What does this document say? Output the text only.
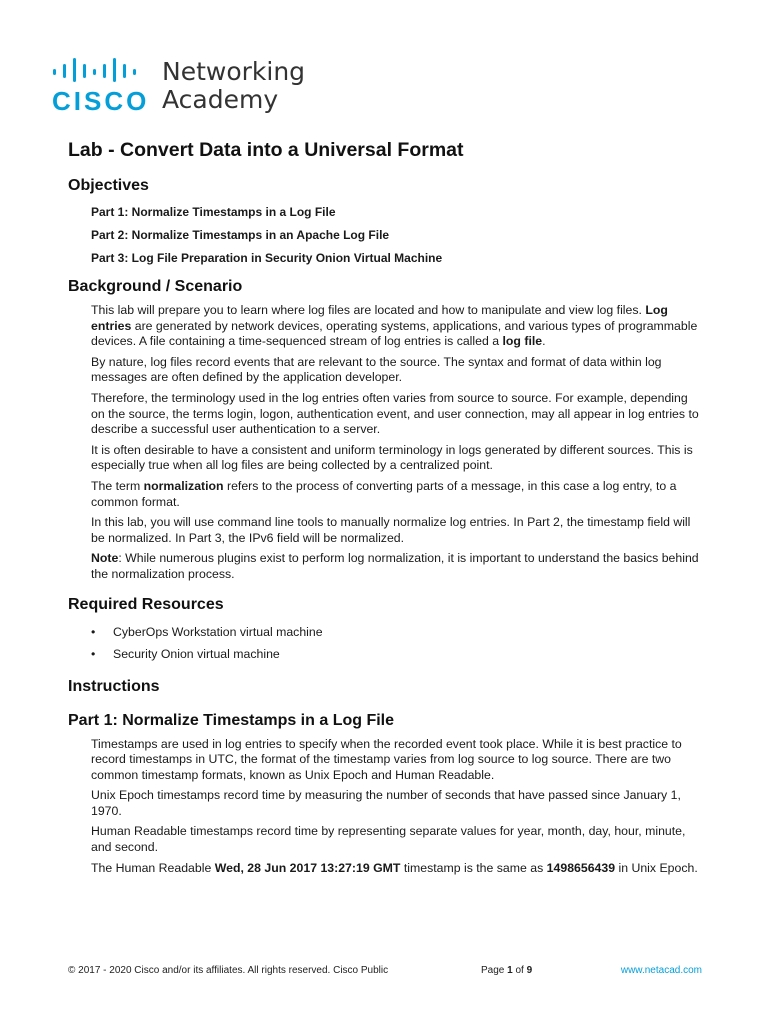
CISCO
Networking
Academy
Lab - Convert Data into a Universal Format
Objectives
Part 1: Normalize Timestamps in a Log File
Part 2: Normalize Timestamps in an Apache Log File
Part 3: Log File Preparation in Security Onion Virtual Machine
Background / Scenario

This lab will prepare you to learn where log files are located and how to manipulate and view log files. Log entries are generated by network devices, operating systems, applications, and various types of programmable devices. A file containing a time-sequenced stream of log entries is called a log file.

By nature, log files record events that are relevant to the source. The syntax and format of data within log messages are often defined by the application developer.

Therefore, the terminology used in the log entries often varies from source to source. For example, depending on the source, the terms login, logon, authentication event, and user connection, may all appear in log entries to describe a successful user authentication to a server.

It is often desirable to have a consistent and uniform terminology in logs generated by different sources. This is especially true when all log files are being collected by a centralized point.

The term normalization refers to the process of converting parts of a message, in this case a log entry, to a common format.

In this lab, you will use command line tools to manually normalize log entries. In Part 2, the timestamp field will be normalized. In Part 3, the IPv6 field will be normalized.

Note: While numerous plugins exist to perform log normalization, it is important to understand the basics behind the normalization process.

Required Resources
• CyberOps Workstation virtual machine
• Security Onion virtual machine
Instructions
Part 1: Normalize Timestamps in a Log File

Timestamps are used in log entries to specify when the recorded event took place. While it is best practice to record timestamps in UTC, the format of the timestamp varies from log source to log source. There are two common timestamp formats, known as Unix Epoch and Human Readable.

Unix Epoch timestamps record time by measuring the number of seconds that have passed since January 1, 1970.

Human Readable timestamps record time by representing separate values for year, month, day, hour, minute, and second.

The Human Readable Wed, 28 Jun 2017 13:27:19 GMT timestamp is the same as 1498656439 in Unix Epoch.

© 2017 - 2020 Cisco and/or its affiliates. All rights reserved. Cisco Public	Page 1 of 9	www.netacad.com
